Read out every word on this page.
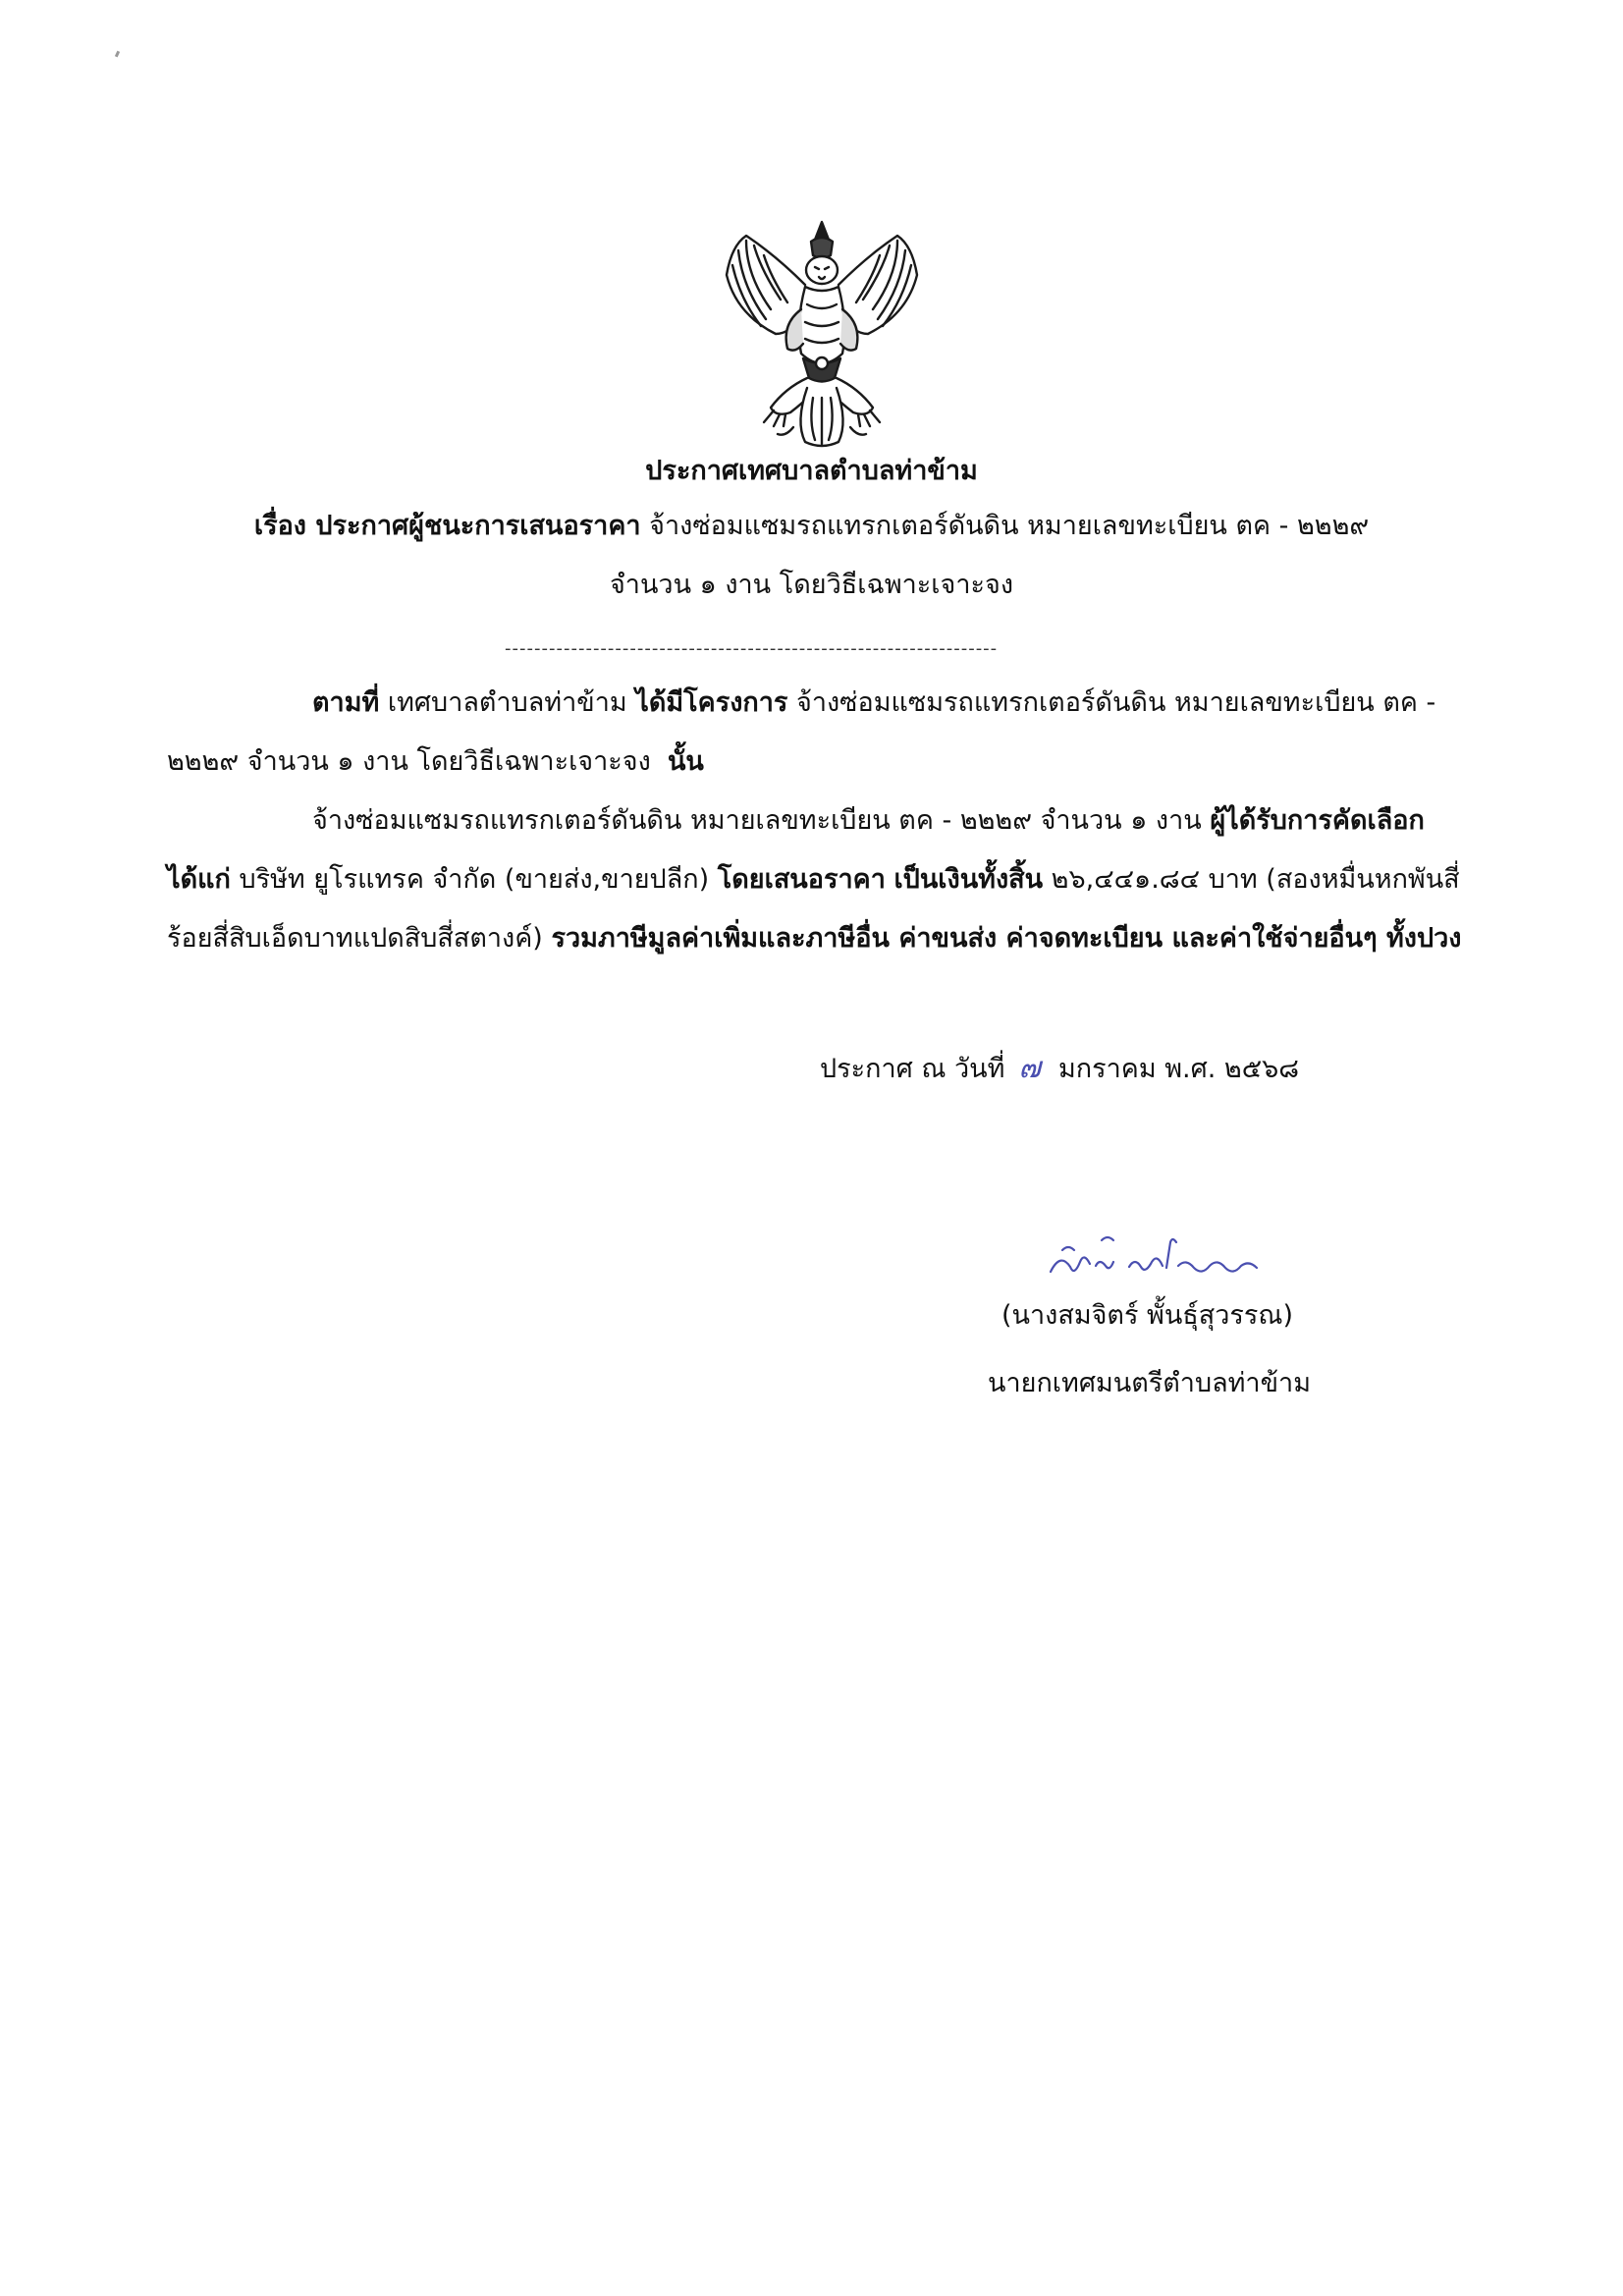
ประกาศเทศบาลตำบลท่าข้าม
เรื่อง ประกาศผู้ชนะการเสนอราคา จ้างซ่อมแซมรถแทรกเตอร์ดันดิน หมายเลขทะเบียน ตค - ๒๒๒๙
จำนวน ๑ งาน โดยวิธีเฉพาะเจาะจง
-------------------------------------------------------------------
ตามที่ เทศบาลตำบลท่าข้าม ได้มีโครงการ จ้างซ่อมแซมรถแทรกเตอร์ดันดิน หมายเลขทะเบียน ตค -
๒๒๒๙ จำนวน ๑ งาน โดยวิธีเฉพาะเจาะจง นั้น
จ้างซ่อมแซมรถแทรกเตอร์ดันดิน หมายเลขทะเบียน ตค - ๒๒๒๙ จำนวน ๑ งาน ผู้ได้รับการคัดเลือก
ได้แก่ บริษัท ยูโรแทรค จำกัด (ขายส่ง,ขายปลีก) โดยเสนอราคา เป็นเงินทั้งสิ้น ๒๖,๔๔๑.๘๔ บาท (สองหมื่นหกพันสี่
ร้อยสี่สิบเอ็ดบาทแปดสิบสี่สตางค์) รวมภาษีมูลค่าเพิ่มและภาษีอื่น ค่าขนส่ง ค่าจดทะเบียน และค่าใช้จ่ายอื่นๆ ทั้งปวง
ประกาศ ณ วันที่ ๗ มกราคม พ.ศ. ๒๕๖๘
(นางสมจิตร์ พั้นธุ์สุวรรณ)
นายกเทศมนตรีตำบลท่าข้าม
